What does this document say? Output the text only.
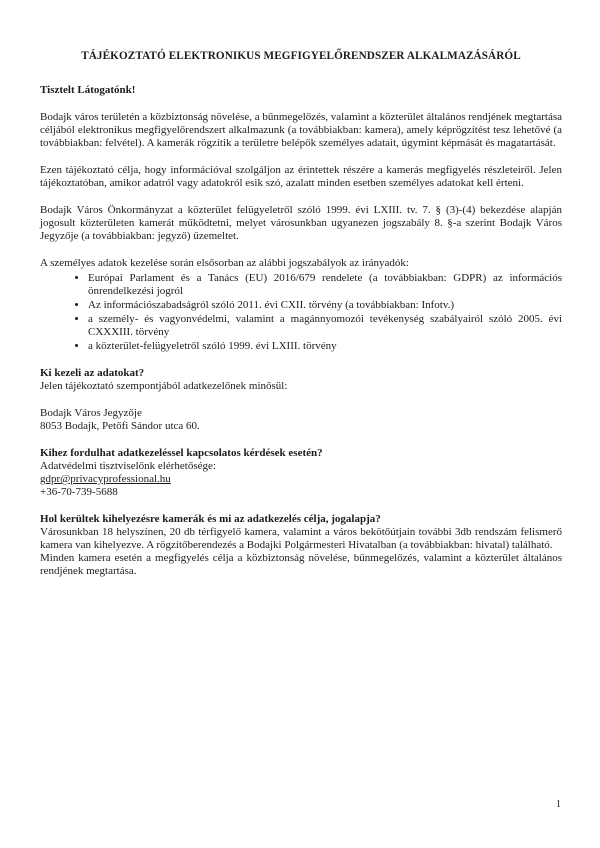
TÁJÉKOZTATÓ ELEKTRONIKUS MEGFIGYELŐRENDSZER ALKALMAZÁSÁRÓL
Tisztelt Látogatónk!

Bodajk város területén a közbiztonság növelése, a bűnmegelőzés, valamint a közterület általános rendjének megtartása céljából elektronikus megfigyelőrendszert alkalmazunk (a továbbiakban: kamera), amely képrögzítést tesz lehetővé (a továbbiakban: felvétel). A kamerák rögzítik a területre belépők személyes adatait, úgymint képmását és magatartását.

Ezen tájékoztató célja, hogy információval szolgáljon az érintettek részére a kamerás megfigyelés részleteiről. Jelen tájékoztatóban, amikor adatról vagy adatokról esik szó, azalatt minden esetben személyes adatokat kell érteni.

Bodajk Város Önkormányzat a közterület felügyeletről szóló 1999. évi LXIII. tv. 7. § (3)-(4) bekezdése alapján jogosult közterületen kamerát működtetni, melyet városunkban ugyanezen jogszabály 8. §-a szerint Bodajk Város Jegyzője (a továbbiakban: jegyző) üzemeltet.

A személyes adatok kezelése során elsősorban az alábbi jogszabályok az irányadók:

• Európai Parlament és a Tanács (EU) 2016/679 rendelete (a továbbiakban: GDPR) az információs önrendelkezési jogról
• Az információszabadságról szóló 2011. évi CXII. törvény (a továbbiakban: Infotv.)
• a személy- és vagyonvédelmi, valamint a magánnyomozói tevékenység szabályairól szóló 2005. évi CXXXIII. törvény
• a közterület-felügyeletről szóló 1999. évi LXIII. törvény
Ki kezeli az adatokat?
Jelen tájékoztató szempontjából adatkezelőnek minősül:
Bodajk Város Jegyzője
8053 Bodajk, Petőfi Sándor utca 60.
Kihez fordulhat adatkezeléssel kapcsolatos kérdések esetén?
Adatvédelmi tisztviselőnk elérhetősége:
gdpr@privacyprofessional.hu
+36-70-739-5688
Hol kerültek kihelyezésre kamerák és mi az adatkezelés célja, jogalapja?
Városunkban 18 helyszínen, 20 db térfigyelő kamera, valamint a város bekötőútjain további 3db rendszám felismerő kamera van kihelyezve. A rögzítőberendezés a Bodajki Polgármesteri Hivatalban (a továbbiakban: hivatal) található.
Minden kamera esetén a megfigyelés célja a közbiztonság növelése, bűnmegelőzés, valamint a közterület általános rendjének megtartása.
1
